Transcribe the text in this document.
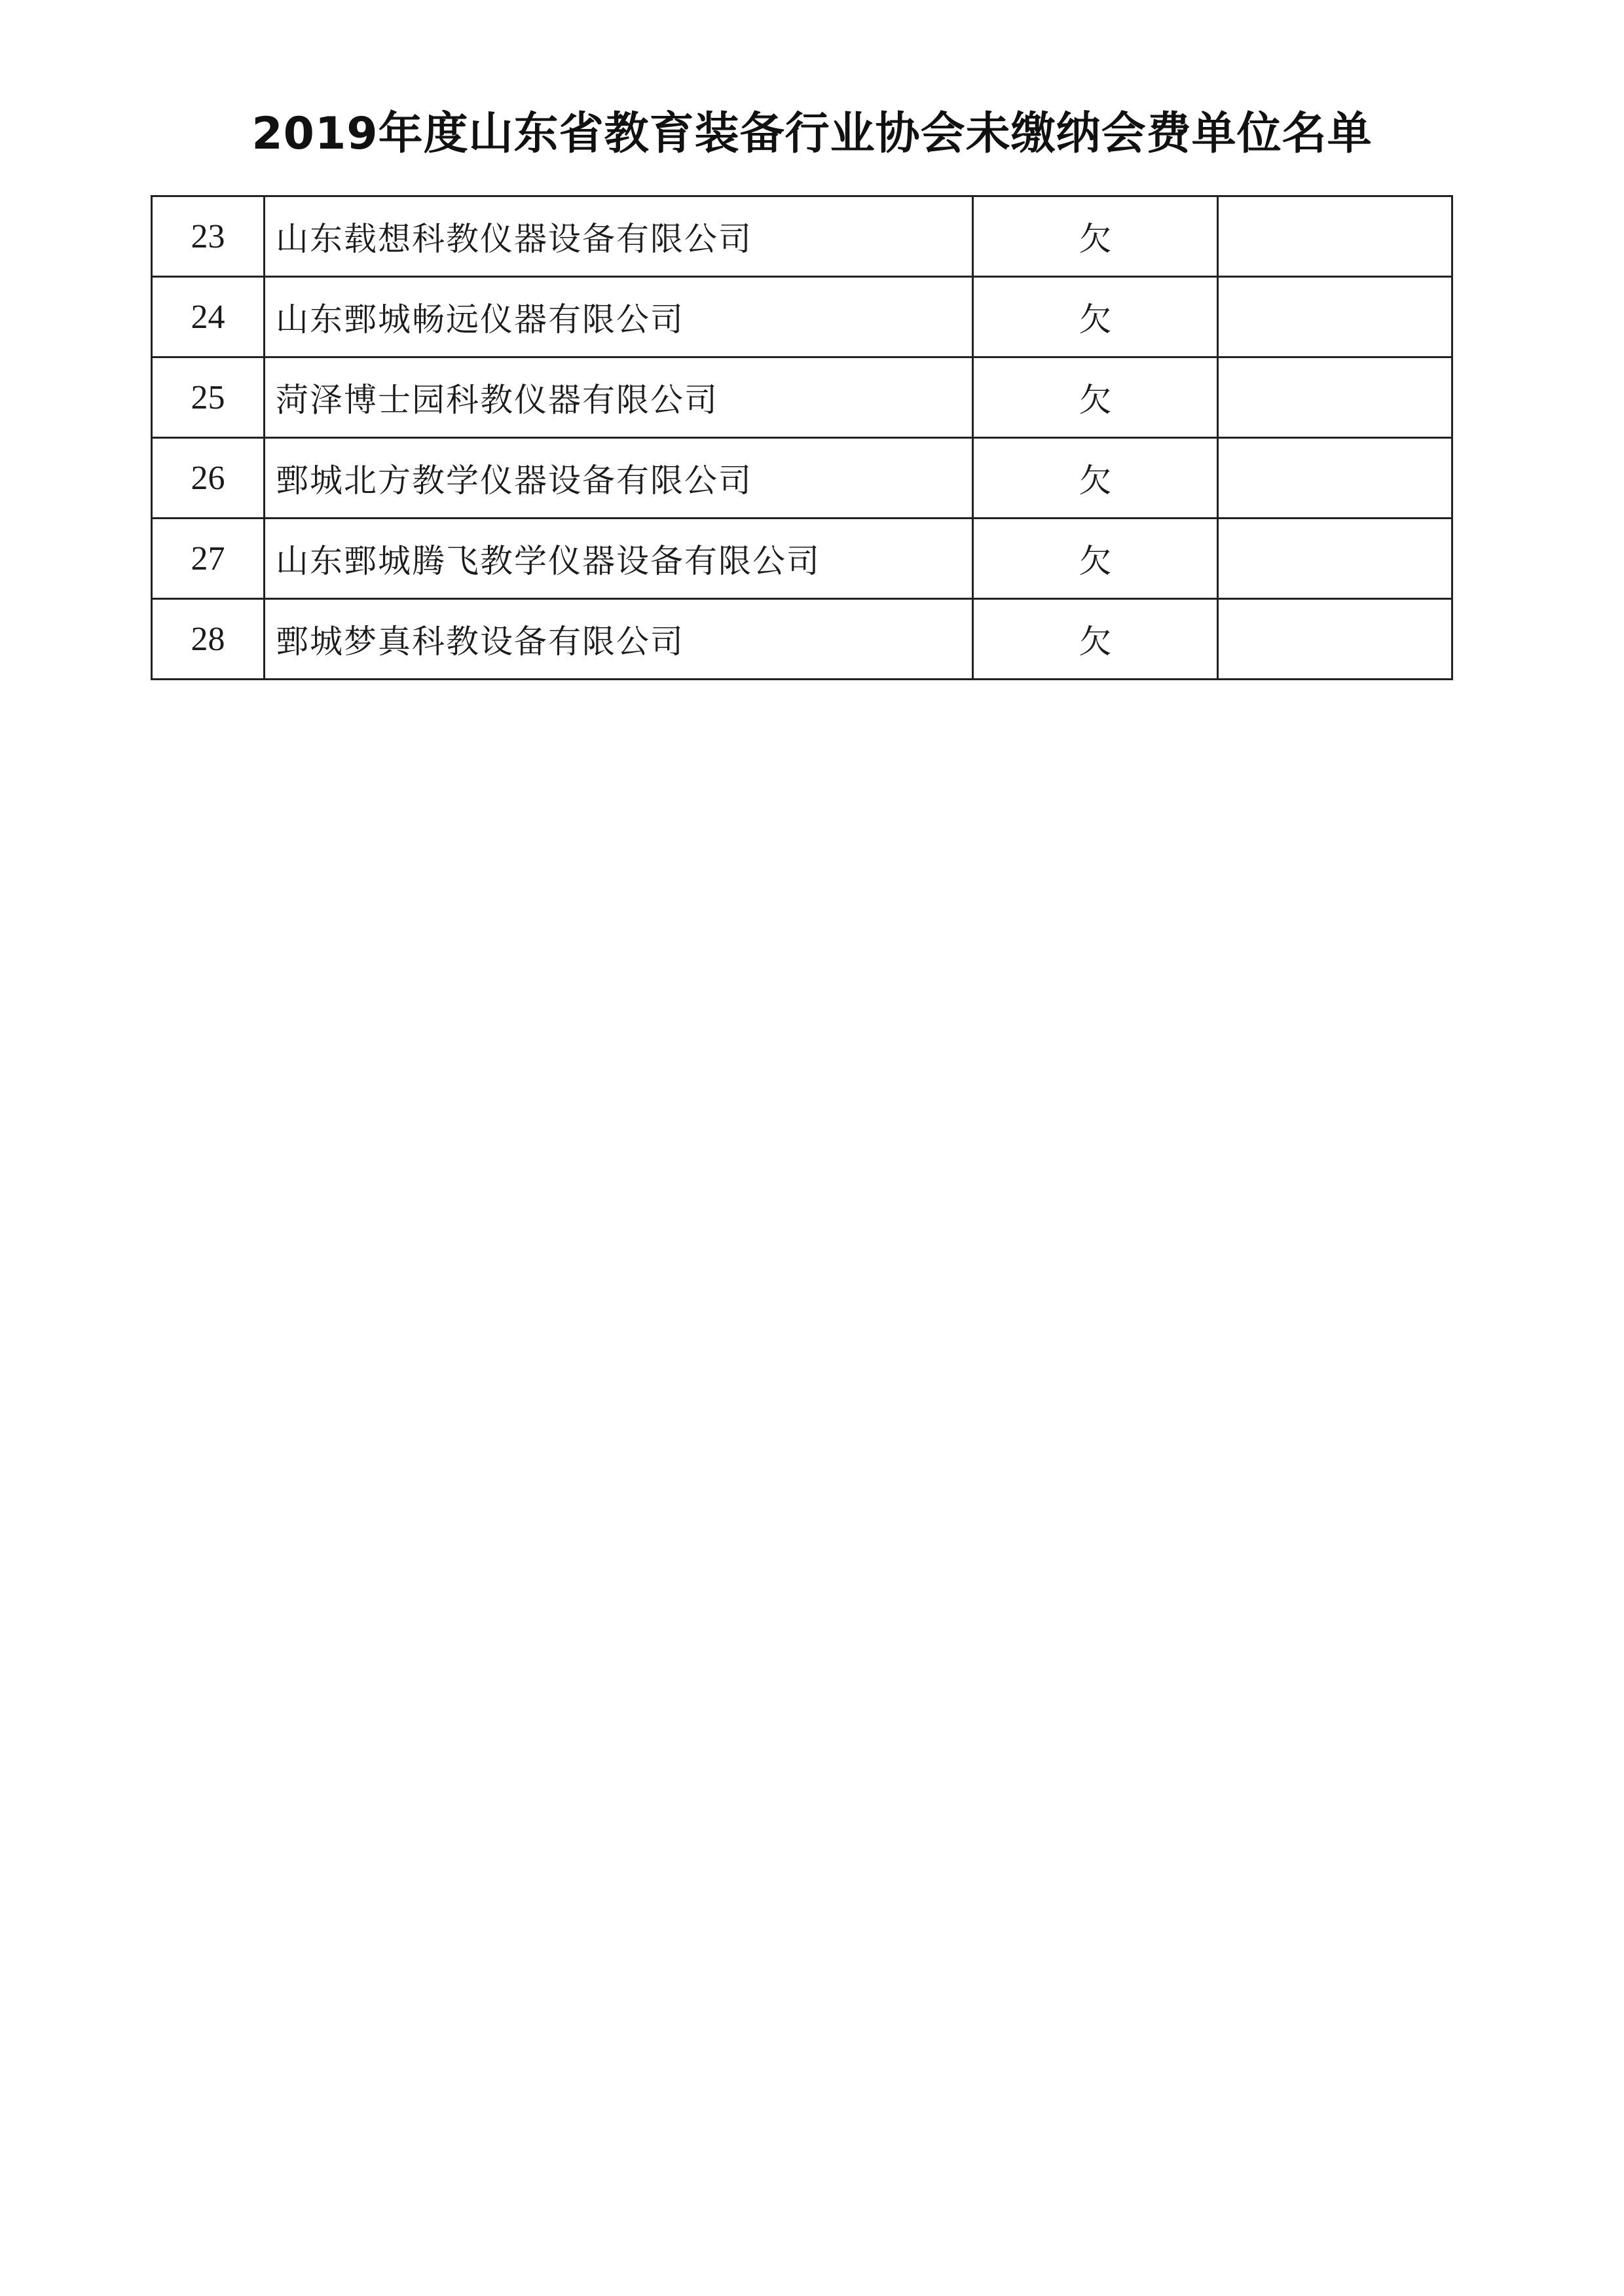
2019年度山东省教育装备行业协会未缴纳会费单位名单
23	山东载想科教仪器设备有限公司	欠	
24	山东鄄城畅远仪器有限公司	欠	
25	菏泽博士园科教仪器有限公司	欠	
26	鄄城北方教学仪器设备有限公司	欠	
27	山东鄄城腾飞教学仪器设备有限公司	欠	
28	鄄城梦真科教设备有限公司	欠	
